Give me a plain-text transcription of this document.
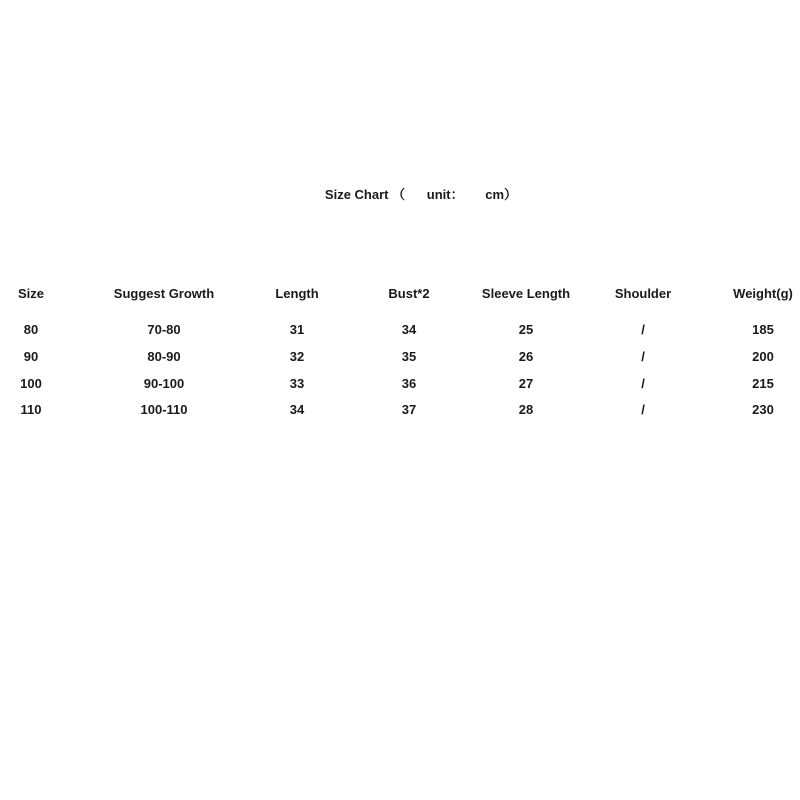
Size Chart （      unit：      cm）
Size	Suggest Growth	Length	Bust*2	Sleeve Length	Shoulder	Weight(g)
80	70-80	31	34	25	/	185
90	80-90	32	35	26	/	200
100	90-100	33	36	27	/	215
110	100-110	34	37	28	/	230
